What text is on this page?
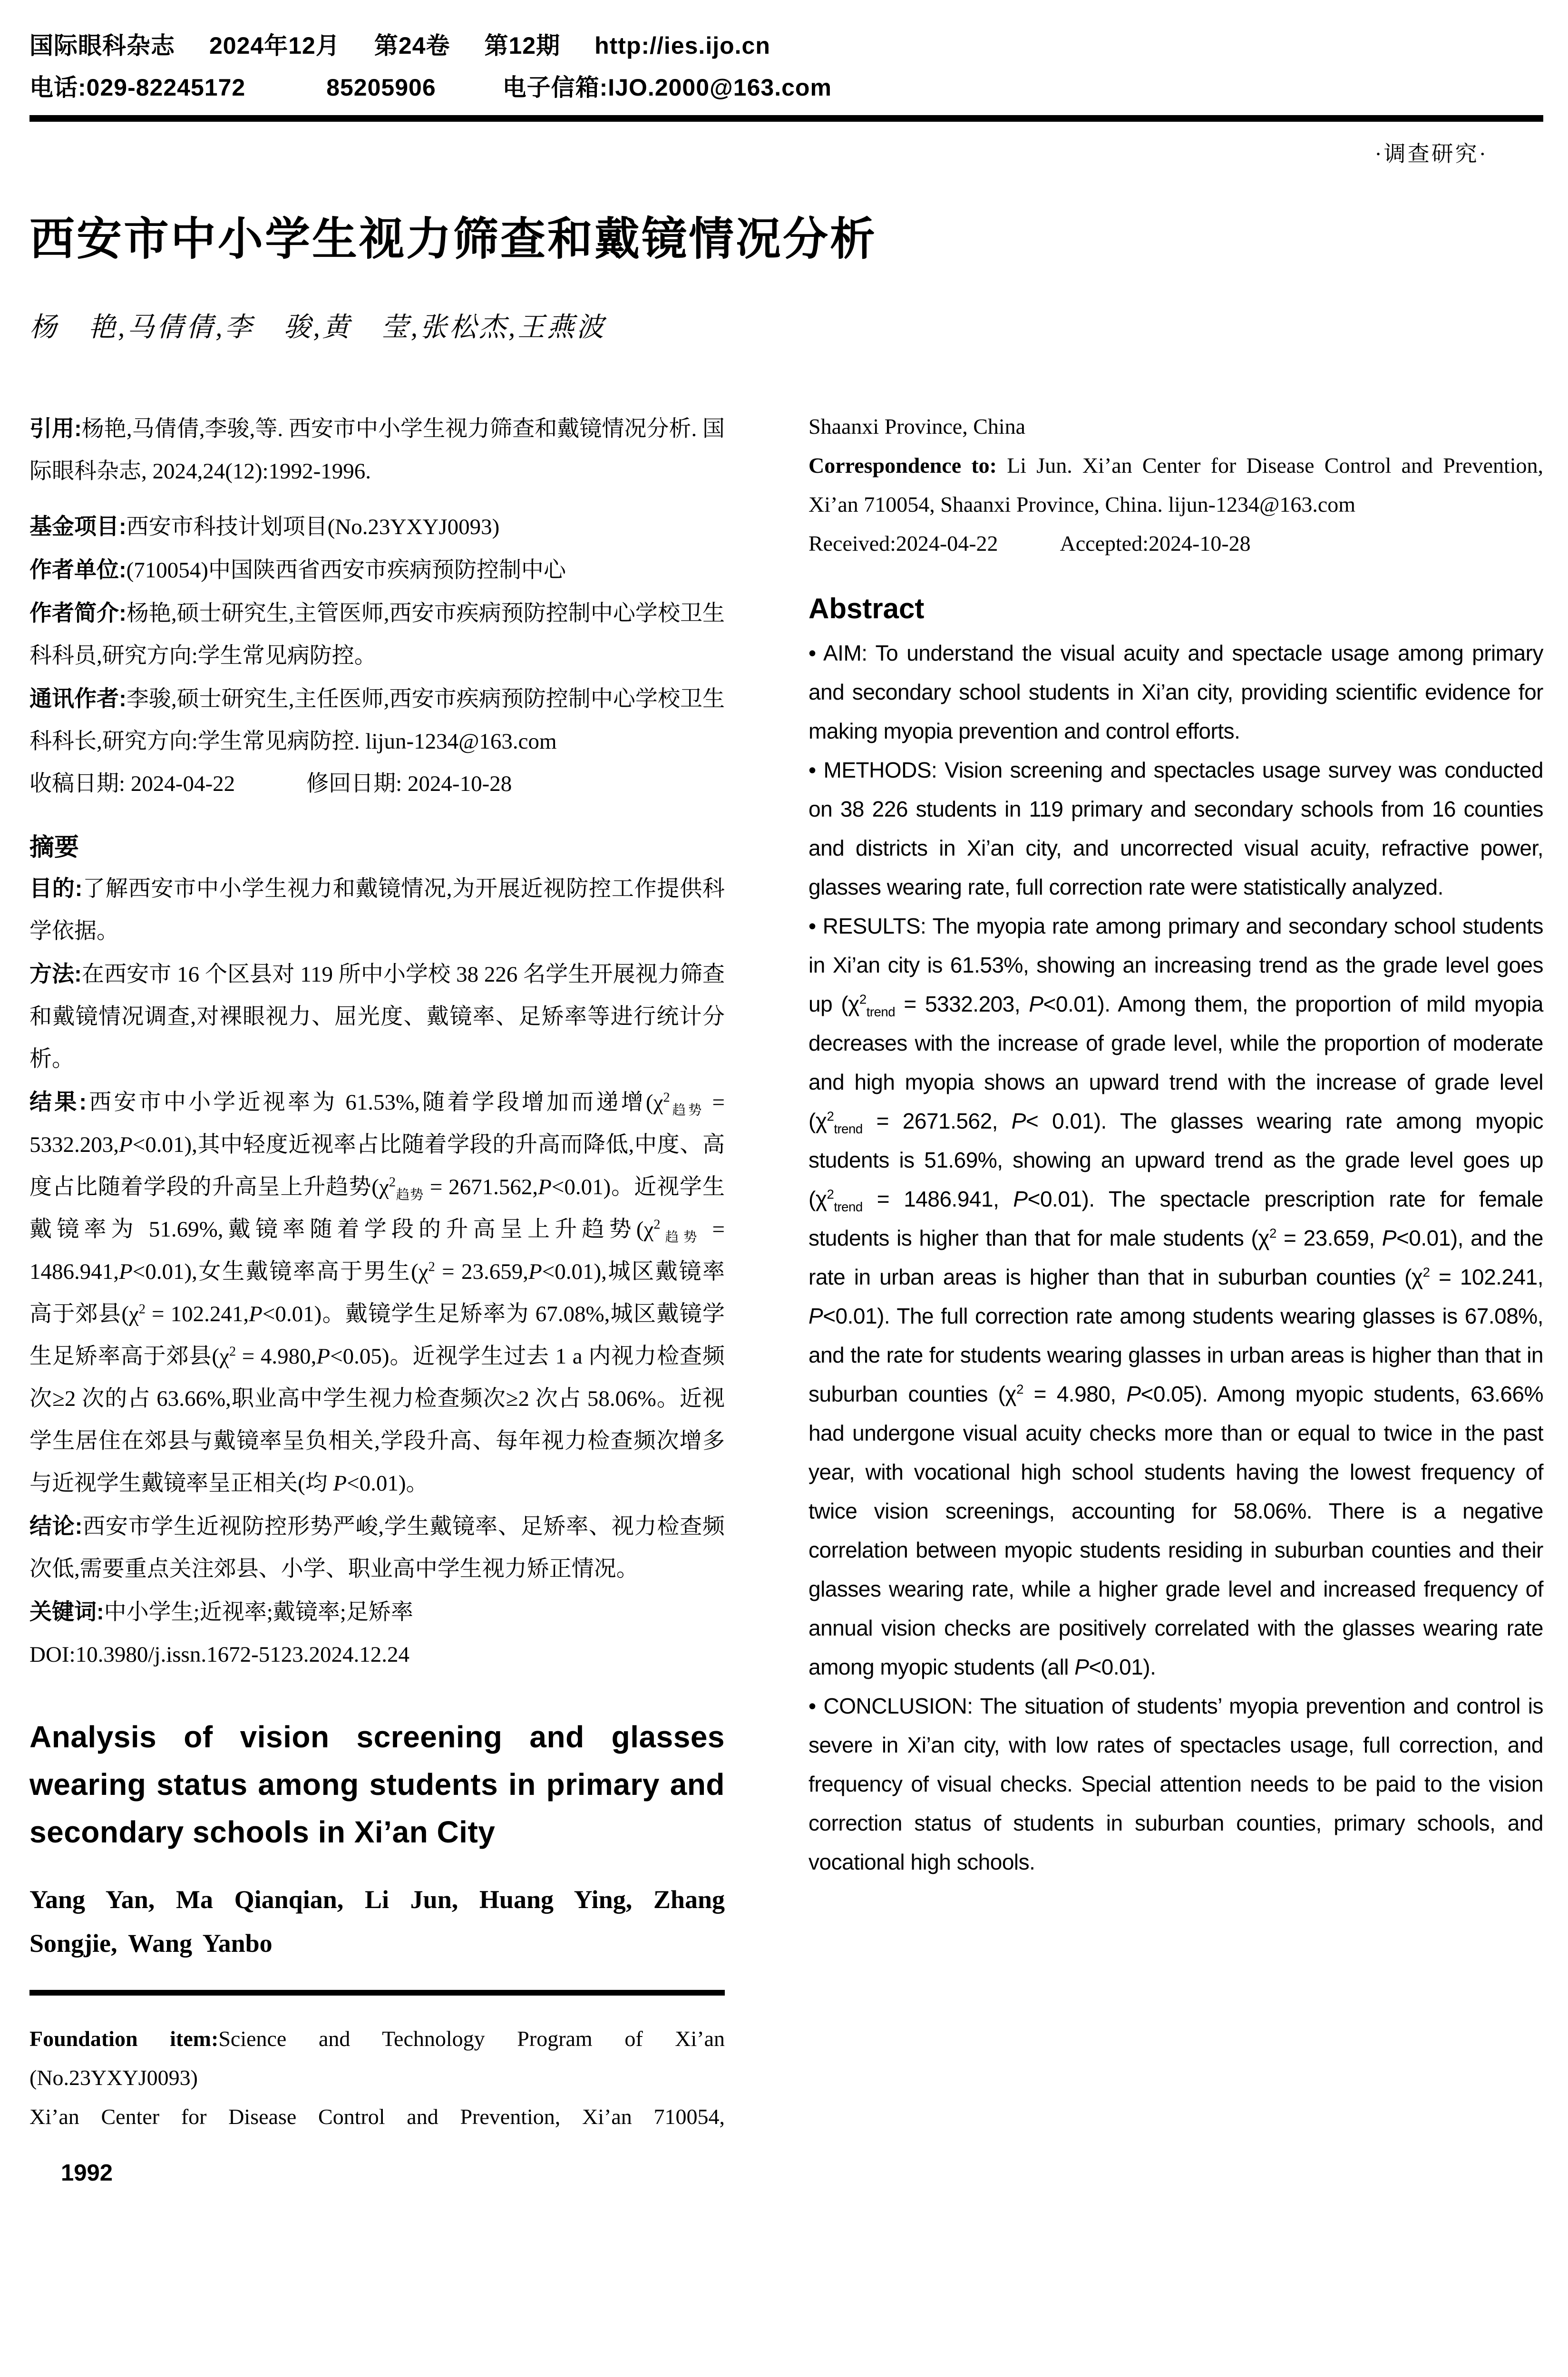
国际眼科杂志 2024年12月 第24卷 第12期 http://ies.ijo.cn
电话:029-82245172	85205906	电子信箱:IJO.2000@163.com
·调查研究·
西安市中小学生视力筛查和戴镜情况分析
杨　艳,马倩倩,李　骏,黄　莹,张松杰,王燕波

引用:杨艳,马倩倩,李骏,等. 西安市中小学生视力筛查和戴镜情况分析. 国际眼科杂志, 2024,24(12):1992-1996.

基金项目:西安市科技计划项目(No.23YXYJ0093)

作者单位:(710054)中国陕西省西安市疾病预防控制中心

作者简介:杨艳,硕士研究生,主管医师,西安市疾病预防控制中心学校卫生科科员,研究方向:学生常见病防控。

通讯作者:李骏,硕士研究生,主任医师,西安市疾病预防控制中心学校卫生科科长,研究方向:学生常见病防控. lijun-1234@163.com

收稿日期: 2024-04-22	修回日期: 2024-10-28

摘要

目的:了解西安市中小学生视力和戴镜情况,为开展近视防控工作提供科学依据。

方法:在西安市 16 个区县对 119 所中小学校 38 226 名学生开展视力筛查和戴镜情况调查,对裸眼视力、屈光度、戴镜率、足矫率等进行统计分析。

结果:西安市中小学近视率为 61.53%,随着学段增加而递增$(\chi^2_{趋势} = 5332.203,P<0.01)$,其中轻度近视率占比随着学段的升高而降低,中度、高度占比随着学段的升高呈上升趋势$(\chi^2_{趋势} = 2671.562,P<0.01)$。近视学生戴镜率为 51.69%,戴镜率随着学段的升高呈上升趋势$(\chi^2_{趋势} = 1486.941,P<0.01)$,女生戴镜率高于男生$(\chi^2 = 23.659,P<0.01)$,城区戴镜率高于郊县$(\chi^2 = 102.241,P<0.01)$。戴镜学生足矫率为 67.08%,城区戴镜学生足矫率高于郊县$(\chi^2 = 4.980,P<0.05)$。近视学生过去 1 a 内视力检查频次≥2 次的占 63.66%,职业高中学生视力检查频次≥2 次占 58.06%。近视学生居住在郊县与戴镜率呈负相关,学段升高、每年视力检查频次增多与近视学生戴镜率呈正相关(均 P<0.01)。

结论:西安市学生近视防控形势严峻,学生戴镜率、足矫率、视力检查频次低,需要重点关注郊县、小学、职业高中学生视力矫正情况。

关键词:中小学生;近视率;戴镜率;足矫率

DOI:10.3980/j.issn.1672-5123.2024.12.24

Analysis of vision screening and glasses wearing status among students in primary and secondary schools in Xi’an City

Yang Yan, Ma Qianqian, Li Jun, Huang Ying, Zhang Songjie, Wang Yanbo

Foundation item:Science and Technology Program of Xi’an (No.23YXYJ0093)

Xi’an Center for Disease Control and Prevention, Xi’an 710054,

1992

Shaanxi Province, China

Correspondence to: Li Jun. Xi’an Center for Disease Control and Prevention, Xi’an 710054, Shaanxi Province, China. lijun-1234@163.com

Received:2024-04-22	Accepted:2024-10-28

Abstract

• AIM: To understand the visual acuity and spectacle usage among primary and secondary school students in Xi’an city, providing scientific evidence for making myopia prevention and control efforts.

• METHODS: Vision screening and spectacles usage survey was conducted on 38 226 students in 119 primary and secondary schools from 16 counties and districts in Xi’an city, and uncorrected visual acuity, refractive power, glasses wearing rate, full correction rate were statistically analyzed.

• RESULTS: The myopia rate among primary and secondary school students in Xi’an city is 61.53%, showing an increasing trend as the grade level goes up ($\chi^2_{trend} = 5332.203$, P<0.01). Among them, the proportion of mild myopia decreases with the increase of grade level, while the proportion of moderate and high myopia shows an upward trend with the increase of grade level ($\chi^2_{trend} = 2671.562$, P< 0.01). The glasses wearing rate among myopic students is 51.69%, showing an upward trend as the grade level goes up ($\chi^2_{trend} = 1486.941$, P<0.01). The spectacle prescription rate for female students is higher than that for male students ($\chi^2 = 23.659$, P<0.01), and the rate in urban areas is higher than that in suburban counties ($\chi^2 = 102.241$, P<0.01). The full correction rate among students wearing glasses is 67.08%, and the rate for students wearing glasses in urban areas is higher than that in suburban counties ($\chi^2 = 4.980$, P<0.05). Among myopic students, 63.66% had undergone visual acuity checks more than or equal to twice in the past year, with vocational high school students having the lowest frequency of twice vision screenings, accounting for 58.06%. There is a negative correlation between myopic students residing in suburban counties and their glasses wearing rate, while a higher grade level and increased frequency of annual vision checks are positively correlated with the glasses wearing rate among myopic students (all P<0.01).

• CONCLUSION: The situation of students’ myopia prevention and control is severe in Xi’an city, with low rates of spectacles usage, full correction, and frequency of visual checks. Special attention needs to be paid to the vision correction status of students in suburban counties, primary schools, and vocational high schools.
